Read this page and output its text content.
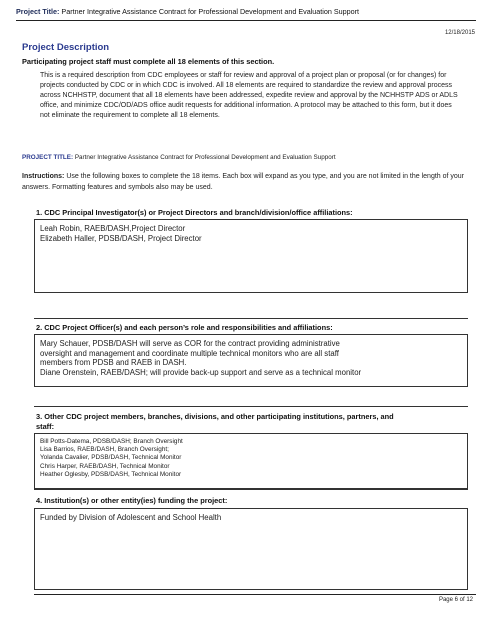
Project Title: Partner Integrative Assistance Contract for Professional Development and Evaluation Support
12/18/2015
Project Description
Participating project staff must complete all 18 elements of this section.
This is a required description from CDC employees or staff for review and approval of a project plan or proposal (or for changes) for projects conducted by CDC or in which CDC is involved. All 18 elements are required to standardize the review and approval process across NCHHSTP, document that all 18 elements have been addressed, expedite review and approval by the NCHHSTP ADS or ADLS office, and minimize CDC/OD/ADS office audit requests for additional information. A protocol may be attached to this form, but it does not eliminate the requirement to complete all 18 elements.
PROJECT TITLE: Partner Integrative Assistance Contract for Professional Development and Evaluation Support
Instructions: Use the following boxes to complete the 18 items. Each box will expand as you type, and you are not limited in the length of your answers. Formatting features and symbols also may be used.
1. CDC Principal Investigator(s) or Project Directors and branch/division/office affiliations:
Leah Robin, RAEB/DASH,Project Director
Elizabeth Haller, PDSB/DASH, Project Director
2. CDC Project Officer(s) and each person’s role and responsibilities and affiliations:
Mary Schauer, PDSB/DASH will serve as COR for the contract providing administrative
oversight and management and coordinate multiple technical monitors who are all staff
members from PDSB and RAEB in DASH.
Diane Orenstein, RAEB/DASH; will provide back-up support and serve as a technical monitor
3. Other CDC project members, branches, divisions, and other participating institutions, partners, and
staff:
Bill Potts-Datema, PDSB/DASH; Branch Oversight
Lisa Barrios, RAEB/DASH, Branch Oversight;
Yolanda Cavalier, PDSB/DASH, Technical Monitor
Chris Harper, RAEB/DASH, Technical Monitor
Heather Oglesby, PDSB/DASH, Technical Monitor
4. Institution(s) or other entity(ies) funding the project:
Funded by Division of Adolescent and School Health
Page 6 of 12
